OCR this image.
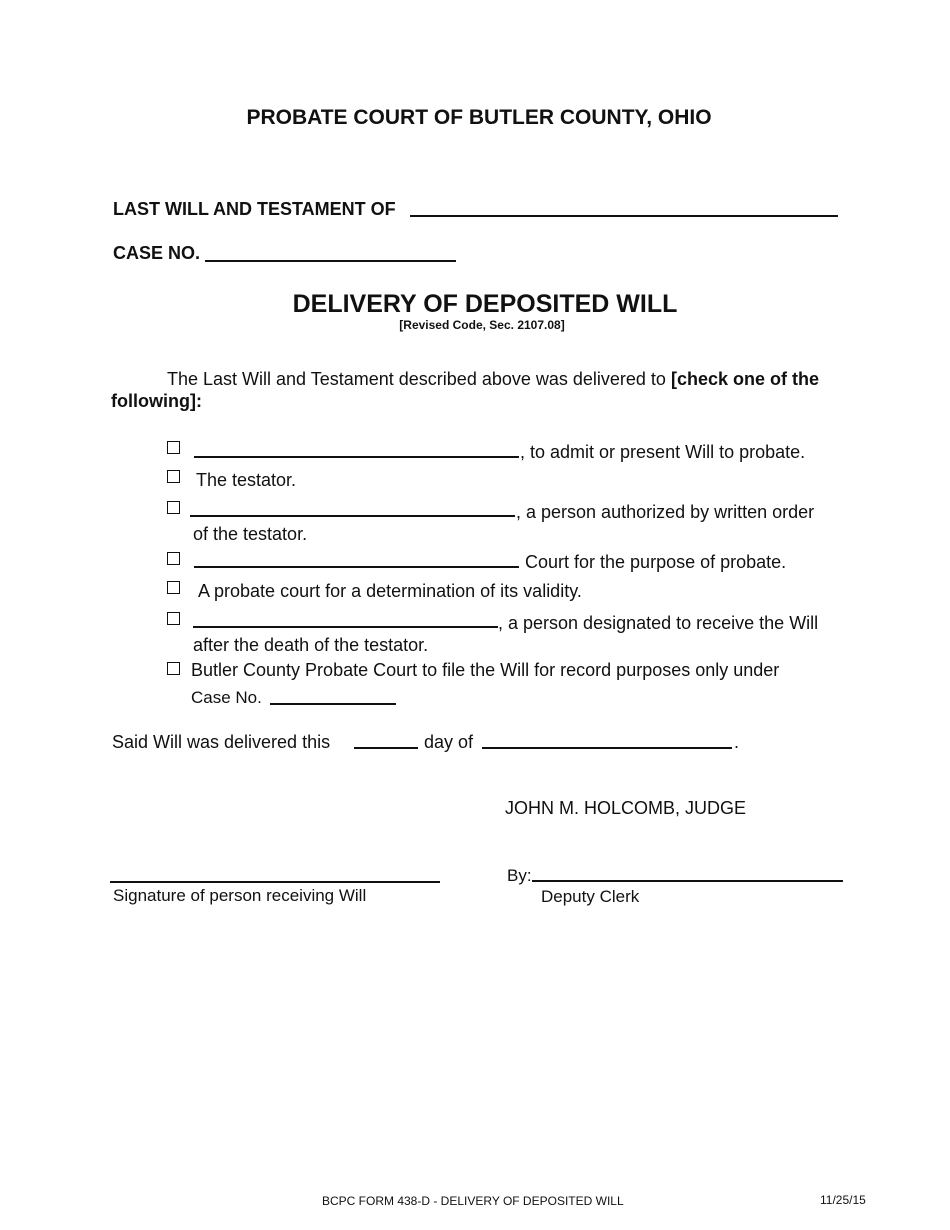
PROBATE COURT OF BUTLER COUNTY, OHIO
LAST WILL AND TESTAMENT OF
CASE NO.
DELIVERY OF DEPOSITED WILL
[Revised Code, Sec. 2107.08]
The Last Will and Testament described above was delivered to [check one of the
following]:
, to admit or present Will to probate.
The testator.
, a person authorized by written order
of the testator.
Court for the purpose of probate.
A probate court for a determination of its validity.
, a person designated to receive the Will
after the death of the testator.
Butler County Probate Court to file the Will for record purposes only under
Case No.
Said Will was delivered this	day of	.
JOHN M. HOLCOMB, JUDGE
Signature of person receiving Will
By:
Deputy Clerk
BCPC FORM 438-D - DELIVERY OF DEPOSITED WILL	11/25/15
